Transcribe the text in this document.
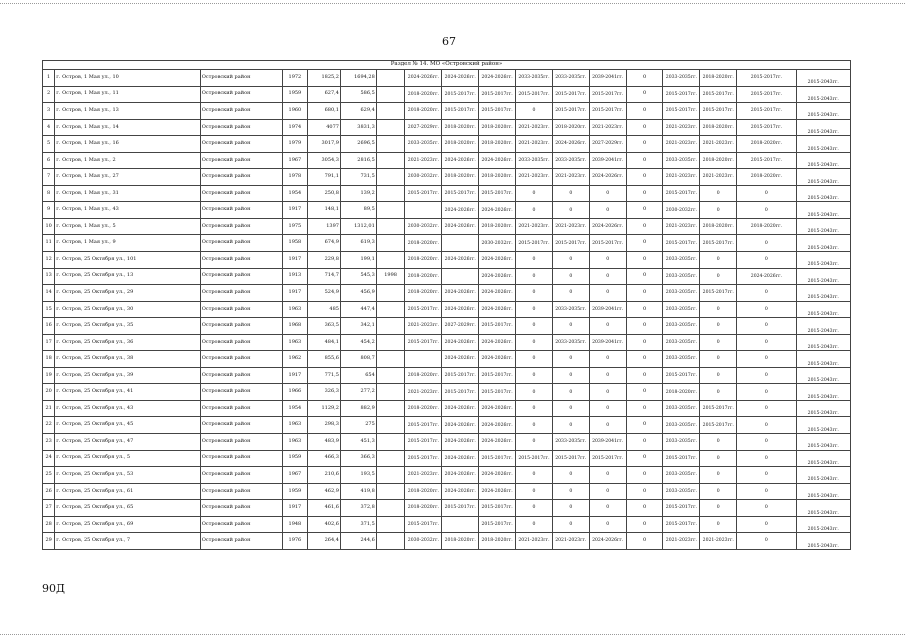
67
Раздел № 14. МО «Островский район»																	
1	г. Остров, 1 Мая ул., 10	Островский район	1972	1825,2	1694,28		2024-2026гг.	2024-2026гг.	2024-2026гг.	2033-2035гг.	2033-2035гг.	2039-2041гг.	0	2033-2035гг.	2018-2020гг.	2015-2017гг.	2015-2043гг.
2	г. Остров, 1 Мая ул., 11	Островский район	1959	627,4	586,5		2018-2020гг.	2015-2017гг.	2015-2017гг.	2015-2017гг.	2015-2017гг.	2015-2017гг.	0	2015-2017гг.	2015-2017гг.	2015-2017гг.	2015-2043гг.
3	г. Остров, 1 Мая ул., 13	Островский район	1960	680,1	629,4		2018-2020гг.	2015-2017гг.	2015-2017гг.	0	2015-2017гг.	2015-2017гг.	0	2015-2017гг.	2015-2017гг.	2015-2017гг.	2015-2043гг.
4	г. Остров, 1 Мая ул., 14	Островский район	1974	4077	3831,3		2027-2029гг.	2018-2020гг.	2018-2020гг.	2021-2023гг.	2018-2020гг.	2021-2023гг.	0	2021-2023гг.	2018-2020гг.	2015-2017гг.	2015-2043гг.
5	г. Остров, 1 Мая ул., 16	Островский район	1979	3017,9	2696,5		2033-2035гг.	2018-2020гг.	2018-2020гг.	2021-2023гг.	2024-2026гг.	2027-2029гг.	0	2021-2023гг.	2021-2023гг.	2018-2020гг.	2015-2043гг.
6	г. Остров, 1 Мая ул., 2	Островский район	1967	3054,3	2816,5		2021-2023гг.	2024-2026гг.	2024-2026гг.	2033-2035гг.	2033-2035гг.	2039-2041гг.	0	2033-2035гг.	2018-2020гг.	2015-2017гг.	2015-2043гг.
7	г. Остров, 1 Мая ул., 27	Островский район	1978	791,1	731,5		2030-2032гг.	2018-2020гг.	2018-2020гг.	2021-2023гг.	2021-2023гг.	2024-2026гг.	0	2021-2023гг.	2021-2023гг.	2018-2020гг.	2015-2043гг.
8	г. Остров, 1 Мая ул., 31	Островский район	1954	250,8	139,2		2015-2017гг.	2015-2017гг.	2015-2017гг.	0	0	0	0	2015-2017гг.	0	0	2015-2043гг.
9	г. Остров, 1 Мая ул., 43	Островский район	1917	148,1	89,5			2024-2026гг.	2024-2026гг.	0	0	0	0	2030-2032гг.	0	0	2015-2043гг.
10	г. Остров, 1 Мая ул., 5	Островский район	1975	1397	1312,01		2030-2032гг.	2024-2026гг.	2018-2020гг.	2021-2023гг.	2021-2023гг.	2024-2026гг.	0	2021-2023гг.	2018-2020гг.	2018-2020гг.	2015-2043гг.
11	г. Остров, 1 Мая ул., 9	Островский район	1958	674,9	619,3		2018-2020гг.		2030-2032гг.	2015-2017гг.	2015-2017гг.	2015-2017гг.	0	2015-2017гг.	2015-2017гг.	0	2015-2043гг.
12	г. Остров, 25 Октября ул., 101	Островский район	1917	229,8	199,1		2018-2020гг.	2024-2026гг.	2024-2026гг.	0	0	0	0	2033-2035гг.	0	0	2015-2043гг.
13	г. Остров, 25 Октября ул., 13	Островский район	1913	714,7	545,3	1998	2018-2020гг.		2024-2026гг.	0	0	0	0	2033-2035гг.	0	2024-2026гг.	2015-2043гг.
14	г. Остров, 25 Октября ул., 29	Островский район	1917	524,9	456,9		2018-2020гг.	2024-2026гг.	2024-2026гг.	0	0	0	0	2033-2035гг.	2015-2017гг.	0	2015-2043гг.
15	г. Остров, 25 Октября ул., 30	Островский район	1963	485	447,4		2015-2017гг.	2024-2026гг.	2024-2026гг.	0	2033-2035гг.	2039-2041гг.	0	2033-2035гг.	0	0	2015-2043гг.
16	г. Остров, 25 Октября ул., 35	Островский район	1968	363,5	342,1		2021-2023гг.	2027-2029гг.	2015-2017гг.	0	0	0	0	2033-2035гг.	0	0	2015-2043гг.
17	г. Остров, 25 Октября ул., 36	Островский район	1963	484,1	454,2		2015-2017гг.	2024-2026гг.	2024-2026гг.	0	2033-2035гг.	2039-2041гг.	0	2033-2035гг.	0	0	2015-2043гг.
18	г. Остров, 25 Октября ул., 38	Островский район	1962	855,6	808,7			2024-2026гг.	2024-2026гг.	0	0	0	0	2033-2035гг.	0	0	2015-2043гг.
19	г. Остров, 25 Октября ул., 39	Островский район	1917	771,5	654		2018-2020гг.	2015-2017гг.	2015-2017гг.	0	0	0	0	2015-2017гг.	0	0	2015-2043гг.
20	г. Остров, 25 Октября ул., 41	Островский район	1966	326,3	277,2		2021-2023гг.	2015-2017гг.	2015-2017гг.	0	0	0	0	2018-2020гг.	0	0	2015-2043гг.
21	г. Остров, 25 Октября ул., 43	Островский район	1954	1129,2	882,9		2018-2020гг.	2024-2026гг.	2024-2026гг.	0	0	0	0	2033-2035гг.	2015-2017гг.	0	2015-2043гг.
22	г. Остров, 25 Октября ул., 45	Островский район	1963	298,3	275		2015-2017гг.	2024-2026гг.	2024-2026гг.	0	0	0	0	2033-2035гг.	2015-2017гг.	0	2015-2043гг.
23	г. Остров, 25 Октября ул., 47	Островский район	1963	483,9	451,3		2015-2017гг.	2024-2026гг.	2024-2026гг.	0	2033-2035гг.	2039-2041гг.	0	2033-2035гг.	0	0	2015-2043гг.
24	г. Остров, 25 Октября ул., 5	Островский район	1959	466,3	366,3		2015-2017гг.	2024-2026гг.	2015-2017гг.	2015-2017гг.	2015-2017гг.	2015-2017гг.	0	2015-2017гг.	0	0	2015-2043гг.
25	г. Остров, 25 Октября ул., 53	Островский район	1967	210,6	193,5		2021-2023гг.	2024-2026гг.	2024-2026гг.	0	0	0	0	2033-2035гг.	0	0	2015-2043гг.
26	г. Остров, 25 Октября ул., 61	Островский район	1959	462,9	419,8		2018-2020гг.	2024-2026гг.	2024-2026гг.	0	0	0	0	2033-2035гг.	0	0	2015-2043гг.
27	г. Остров, 25 Октября ул., 65	Островский район	1917	461,6	372,8		2018-2020гг.	2015-2017гг.	2015-2017гг.	0	0	0	0	2015-2017гг.	0	0	2015-2043гг.
28	г. Остров, 25 Октября ул., 69	Островский район	1948	402,6	371,5		2015-2017гг.		2015-2017гг.	0	0	0	0	2015-2017гг.	0	0	2015-2043гг.
29	г. Остров, 25 Октября ул., 7	Островский район	1976	264,4	244,6		2030-2032гг.	2018-2020гг.	2018-2020гг.	2021-2023гг.	2021-2023гг.	2024-2026гг.	0	2021-2023гг.	2021-2023гг.	0	2015-2043гг.
90Д
